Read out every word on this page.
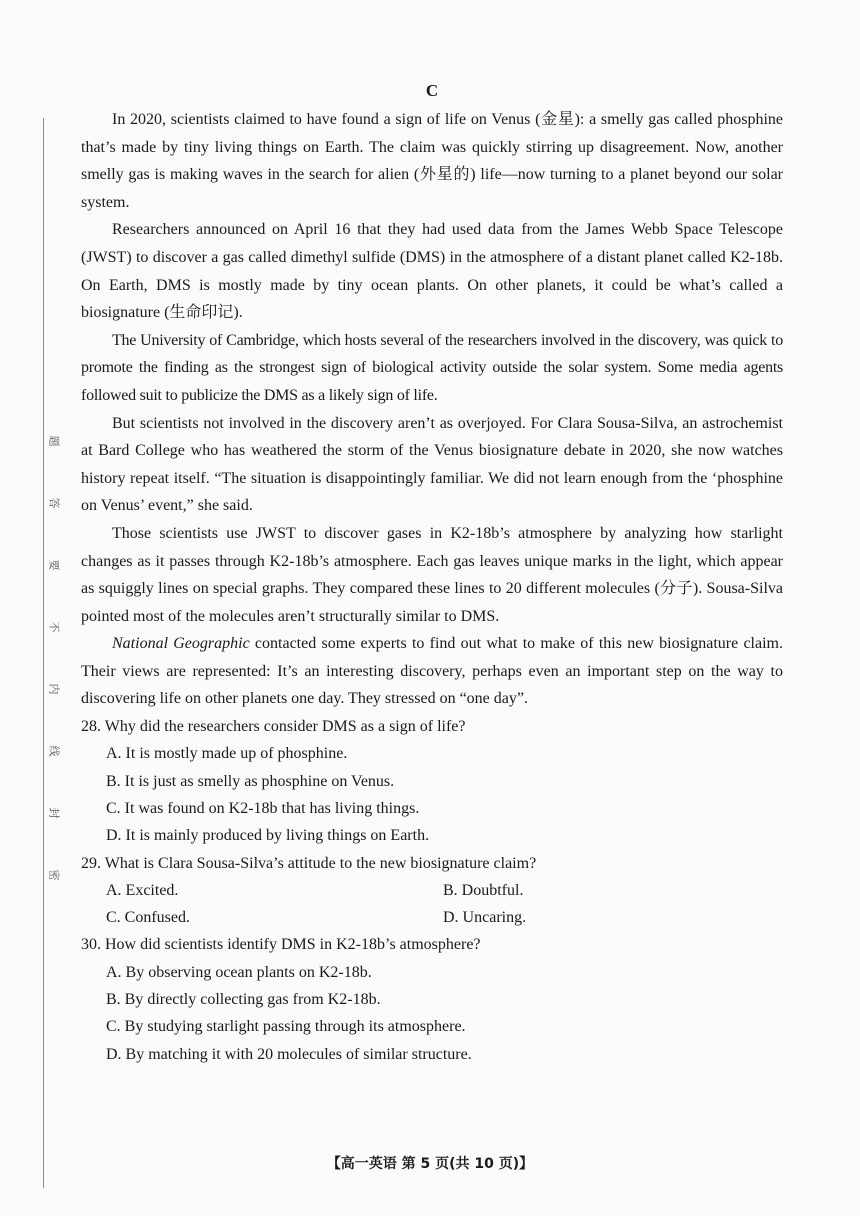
题
答
要
不
内
线
封
密
C

In 2020, scientists claimed to have found a sign of life on Venus (金星): a smelly gas called phosphine that’s made by tiny living things on Earth. The claim was quickly stirring up disagreement. Now, another smelly gas is making waves in the search for alien (外星的) life—now turning to a planet beyond our solar system.

Researchers announced on April 16 that they had used data from the James Webb Space Telescope (JWST) to discover a gas called dimethyl sulfide (DMS) in the atmosphere of a distant planet called K2-18b. On Earth, DMS is mostly made by tiny ocean plants. On other planets, it could be what’s called a biosignature (生命印记).

The University of Cambridge, which hosts several of the researchers involved in the discovery, was quick to promote the finding as the strongest sign of biological activity outside the solar system. Some media agents followed suit to publicize the DMS as a likely sign of life.

But scientists not involved in the discovery aren’t as overjoyed. For Clara Sousa-Silva, an astrochemist at Bard College who has weathered the storm of the Venus biosignature debate in 2020, she now watches history repeat itself. “The situation is disappointingly familiar. We did not learn enough from the ‘phosphine on Venus’ event,” she said.

Those scientists use JWST to discover gases in K2-18b’s atmosphere by analyzing how starlight changes as it passes through K2-18b’s atmosphere. Each gas leaves unique marks in the light, which appear as squiggly lines on special graphs. They compared these lines to 20 different molecules (分子). Sousa-Silva pointed most of the molecules aren’t structurally similar to DMS.

National Geographic contacted some experts to find out what to make of this new biosignature claim. Their views are represented: It’s an interesting discovery, perhaps even an important step on the way to discovering life on other planets one day. They stressed on “one day”.

28. Why did the researchers consider DMS as a sign of life?

A. It is mostly made up of phosphine.

B. It is just as smelly as phosphine on Venus.

C. It was found on K2-18b that has living things.

D. It is mainly produced by living things on Earth.

29. What is Clara Sousa-Silva’s attitude to the new biosignature claim?

A. Excited.	B. Doubtful.
C. Confused.	D. Uncaring.

30. How did scientists identify DMS in K2-18b’s atmosphere?

A. By observing ocean plants on K2-18b.

B. By directly collecting gas from K2-18b.

C. By studying starlight passing through its atmosphere.

D. By matching it with 20 molecules of similar structure.

【高一英语 第 5 页(共 10 页)】
